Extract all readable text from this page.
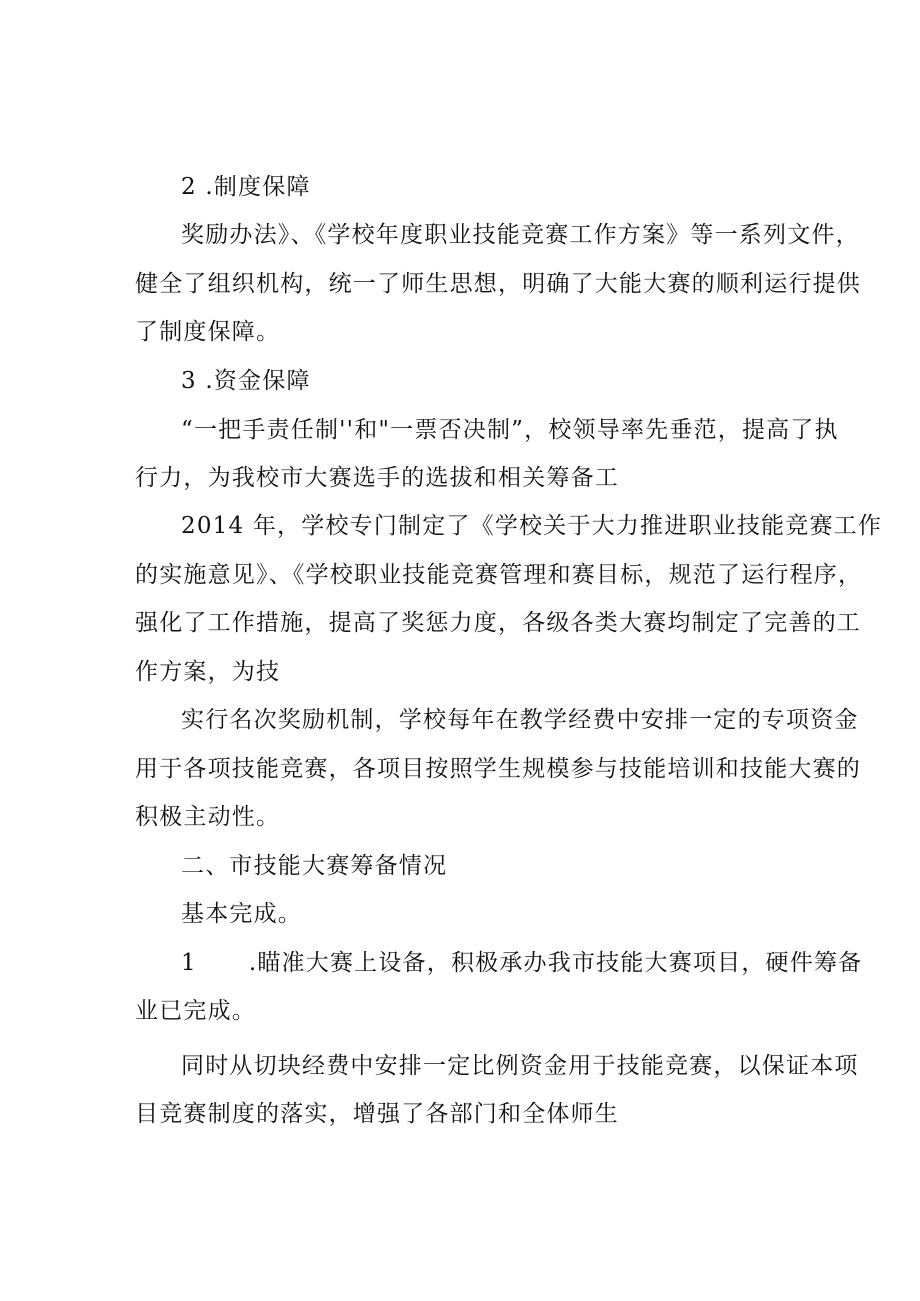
2 .制度保障
奖励办法》、《学校年度职业技能竞赛工作方案》等一系列文件，
健全了组织机构，统一了师生思想，明确了大能大赛的顺利运行提供
了制度保障。
3 .资金保障
“一把手责任制''和"一票否决制”，校领导率先垂范，提高了执
行力，为我校市大赛选手的选拔和相关筹备工
2014 年，学校专门制定了《学校关于大力推进职业技能竞赛工作
的实施意见》、《学校职业技能竞赛管理和赛目标，规范了运行程序，
强化了工作措施，提高了奖惩力度，各级各类大赛均制定了完善的工
作方案，为技
实行名次奖励机制，学校每年在教学经费中安排一定的专项资金
用于各项技能竞赛，各项目按照学生规模参与技能培训和技能大赛的
积极主动性。
二、市技能大赛筹备情况
基本完成。
1 .瞄准大赛上设备，积极承办我市技能大赛项目，硬件筹备
业已完成。
同时从切块经费中安排一定比例资金用于技能竞赛，以保证本项
目竞赛制度的落实，增强了各部门和全体师生
